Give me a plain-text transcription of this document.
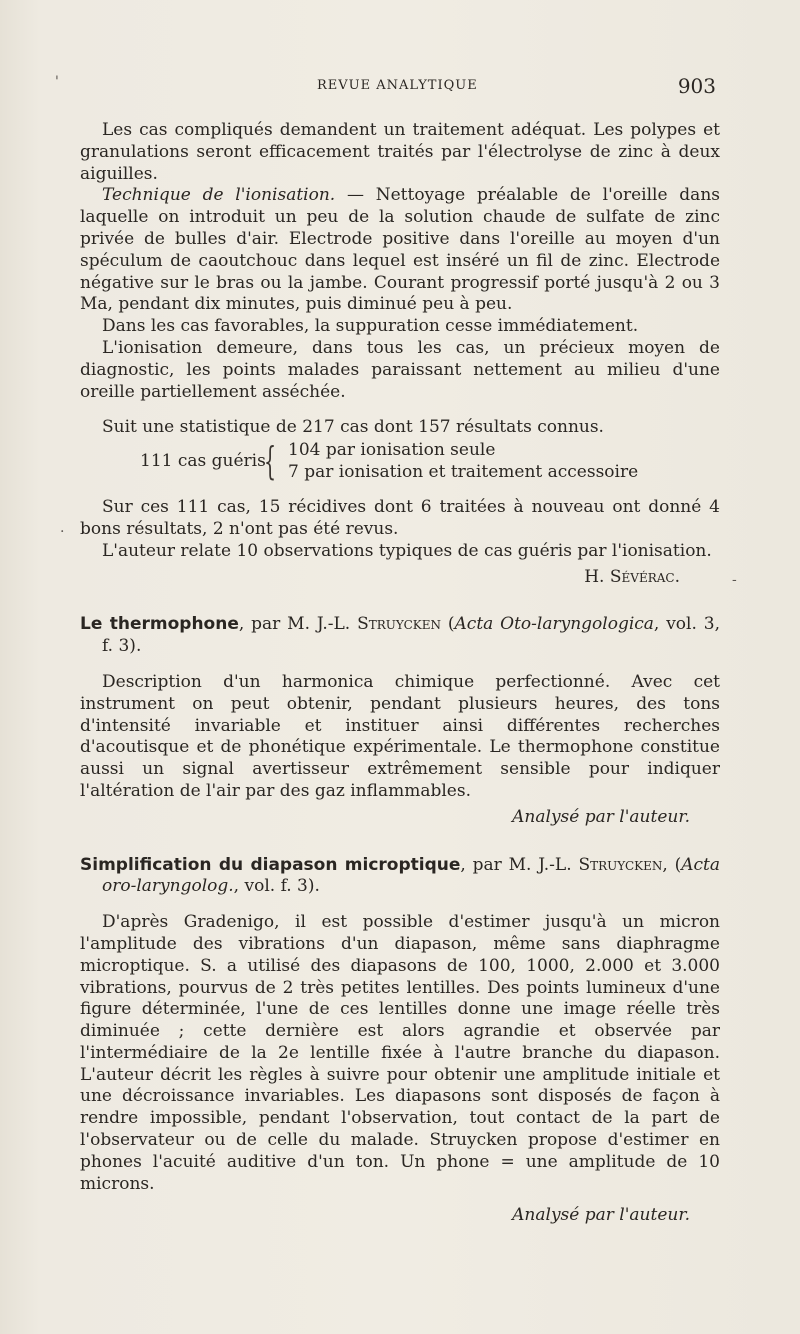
'
.
-
REVUE ANALYTIQUE	903

Les cas compliqués demandent un traitement adéquat. Les polypes et granulations seront efficacement traités par l'électrolyse de zinc à deux aiguilles.

Technique de l'ionisation. — Nettoyage préalable de l'oreille dans laquelle on introduit un peu de la solution chaude de sulfate de zinc privée de bulles d'air. Electrode positive dans l'oreille au moyen d'un spéculum de caoutchouc dans lequel est inséré un fil de zinc. Electrode négative sur le bras ou la jambe. Courant progressif porté jusqu'à 2 ou 3 Ma, pendant dix minutes, puis diminué peu à peu.

Dans les cas favorables, la suppuration cesse immédiatement.

L'ionisation demeure, dans tous les cas, un précieux moyen de diagnostic, les points malades paraissant nettement au milieu d'une oreille partiellement asséchée.

Suit une statistique de 217 cas dont 157 résultats connus.

111 cas guéris
{ 104 par ionisation seule
7 par ionisation et traitement accessoire

Sur ces 111 cas, 15 récidives dont 6 traitées à nouveau ont donné 4 bons résultats, 2 n'ont pas été revus.

L'auteur relate 10 observations typiques de cas guéris par l'ionisation.

H. Sévérac.

Le thermophone, par M. J.-L. Struycken (Acta Oto-laryngologica, vol. 3, f. 3).

Description d'un harmonica chimique perfectionné. Avec cet instrument on peut obtenir, pendant plusieurs heures, des tons d'intensité invariable et instituer ainsi différentes recherches d'acoutisque et de phonétique expérimentale. Le thermophone constitue aussi un signal avertisseur extrêmement sensible pour indiquer l'altération de l'air par des gaz inflammables.

Analysé par l'auteur.

Simplification du diapason microptique, par M. J.-L. Struycken, (Acta oro-laryngolog., vol. f. 3).

D'après Gradenigo, il est possible d'estimer jusqu'à un micron l'amplitude des vibrations d'un diapason, même sans diaphragme microptique. S. a utilisé des diapasons de 100, 1000, 2.000 et 3.000 vibrations, pourvus de 2 très petites lentilles. Des points lumineux d'une figure déterminée, l'une de ces lentilles donne une image réelle très diminuée ; cette dernière est alors agrandie et observée par l'intermédiaire de la 2e lentille fixée à l'autre branche du diapason. L'auteur décrit les règles à suivre pour obtenir une amplitude initiale et une décroissance invariables. Les diapasons sont disposés de façon à rendre impossible, pendant l'observation, tout contact de la part de l'observateur ou de celle du malade. Struycken propose d'estimer en phones l'acuité auditive d'un ton. Un phone = une amplitude de 10 microns.

Analysé par l'auteur.
